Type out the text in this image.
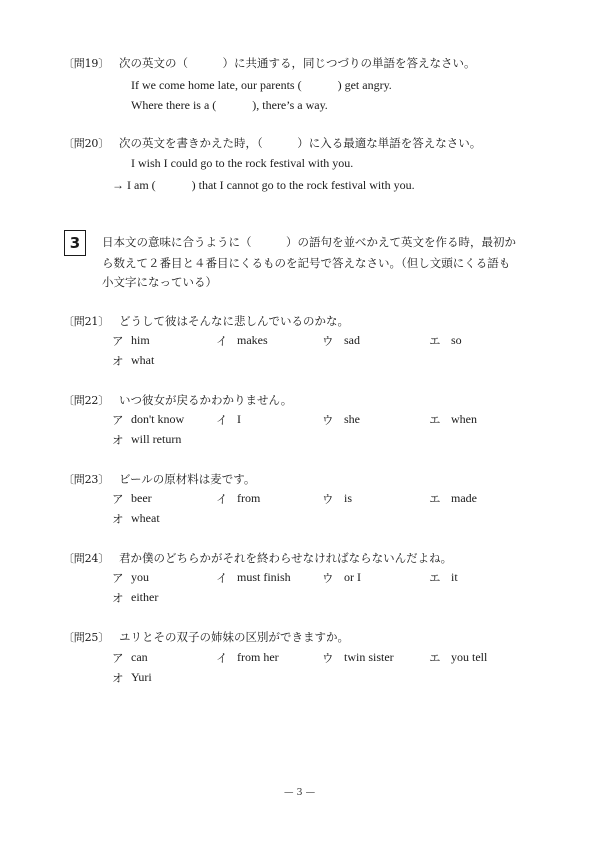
〔問19〕 次の英文の（　　　）に共通する，同じつづりの単語を答えなさい。
If we come home late, our parents (　　　) get angry.
Where there is a (　　　), there’s a way.
〔問20〕 次の英文を書きかえた時，（　　　）に入る最適な単語を答えなさい。
I wish I could go to the rock festival with you.
→ I am (　　　) that I cannot go to the rock festival with you.
3	日本文の意味に合うように（　　　）の語句を並べかえて英文を作る時，最初か
ら数えて２番目と４番目にくるものを記号で答えなさい。（但し文頭にくる語も
小文字になっている）
〔問21〕 どうして彼はそんなに悲しんでいるのかな。
ア him	イ makes	ウ sad	エ so
オ what
〔問22〕 いつ彼女が戻るかわかりません。
ア don't know	イ I	ウ she	エ when
オ will return
〔問23〕 ビールの原材料は麦です。
ア beer	イ from	ウ is	エ made
オ wheat
〔問24〕 君か僕のどちらかがそれを終わらせなければならないんだよね。
ア you	イ must finish	ウ or I	エ it
オ either
〔問25〕 ユリとその双子の姉妹の区別ができますか。
ア can	イ from her	ウ twin sister	エ you tell
オ Yuri
— 3 —
